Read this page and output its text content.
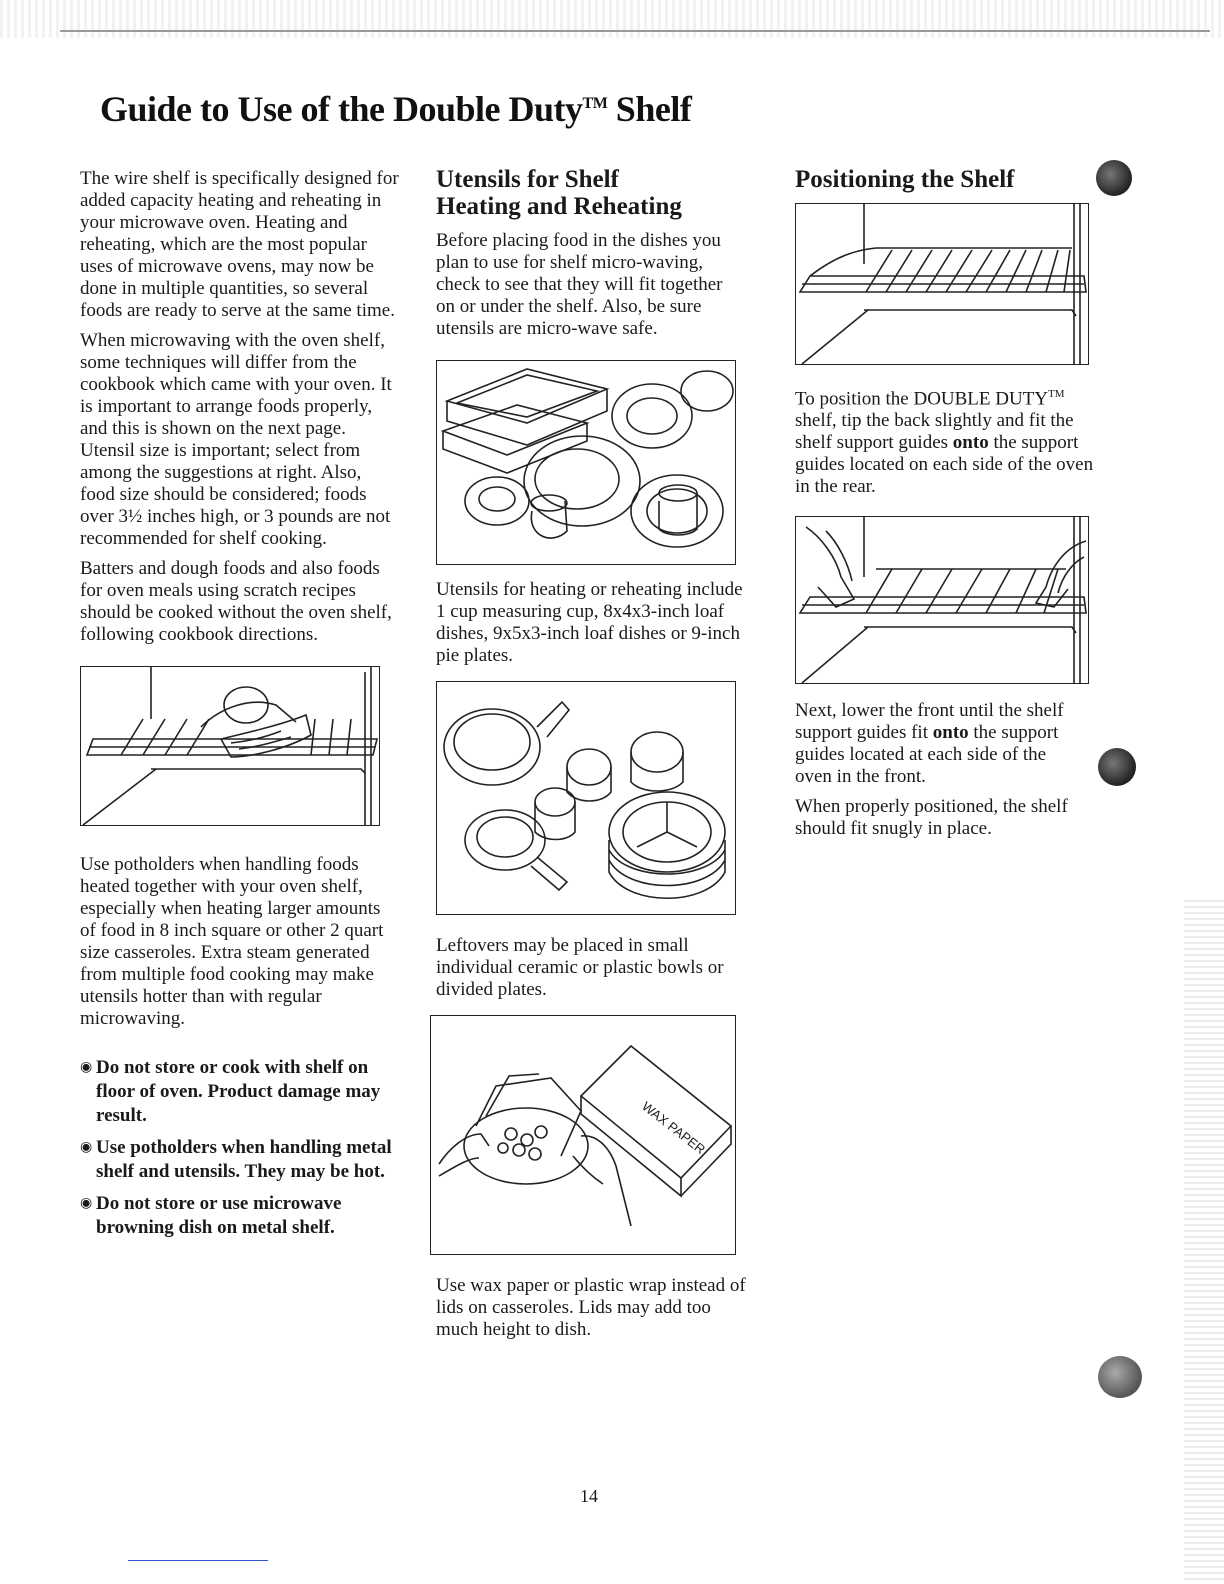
Guide to Use of the Double Duty™ Shelf

The wire shelf is specifically designed for added capacity heating and reheating in your microwave oven. Heating and reheating, which are the most popular uses of microwave ovens, may now be done in multiple quantities, so several foods are ready to serve at the same time.

When microwaving with the oven shelf, some techniques will differ from the cookbook which came with your oven. It is important to arrange foods properly, and this is shown on the next page. Utensil size is important; select from among the suggestions at right. Also, food size should be considered; foods over 3½ inches high, or 3 pounds are not recommended for shelf cooking.

Batters and dough foods and also foods for oven meals using scratch recipes should be cooked without the oven shelf, following cookbook directions.

Use potholders when handling foods heated together with your oven shelf, especially when heating larger amounts of food in 8 inch square or other 2 quart size casseroles. Extra steam generated from multiple food cooking may make utensils hotter than with regular microwaving.

◉ Do not store or cook with shelf on floor of oven. Product damage may result.

◉ Use potholders when handling metal shelf and utensils. They may be hot.

◉ Do not store or use microwave browning dish on metal shelf.

Utensils for Shelf
Heating and Reheating

Before placing food in the dishes you plan to use for shelf micro-waving, check to see that they will fit together on or under the shelf. Also, be sure utensils are micro-wave safe.

Utensils for heating or reheating include 1 cup measuring cup, 8x4x3-inch loaf dishes, 9x5x3-inch loaf dishes or 9-inch pie plates.

Leftovers may be placed in small individual ceramic or plastic bowls or divided plates.

WAX PAPER

Use wax paper or plastic wrap instead of lids on casseroles. Lids may add too much height to dish.

Positioning the Shelf

To position the DOUBLE DUTY™ shelf, tip the back slightly and fit the shelf support guides onto the support guides located on each side of the oven in the rear.

Next, lower the front until the shelf support guides fit onto the support guides located at each side of the oven in the front.

When properly positioned, the shelf should fit snugly in place.

14
